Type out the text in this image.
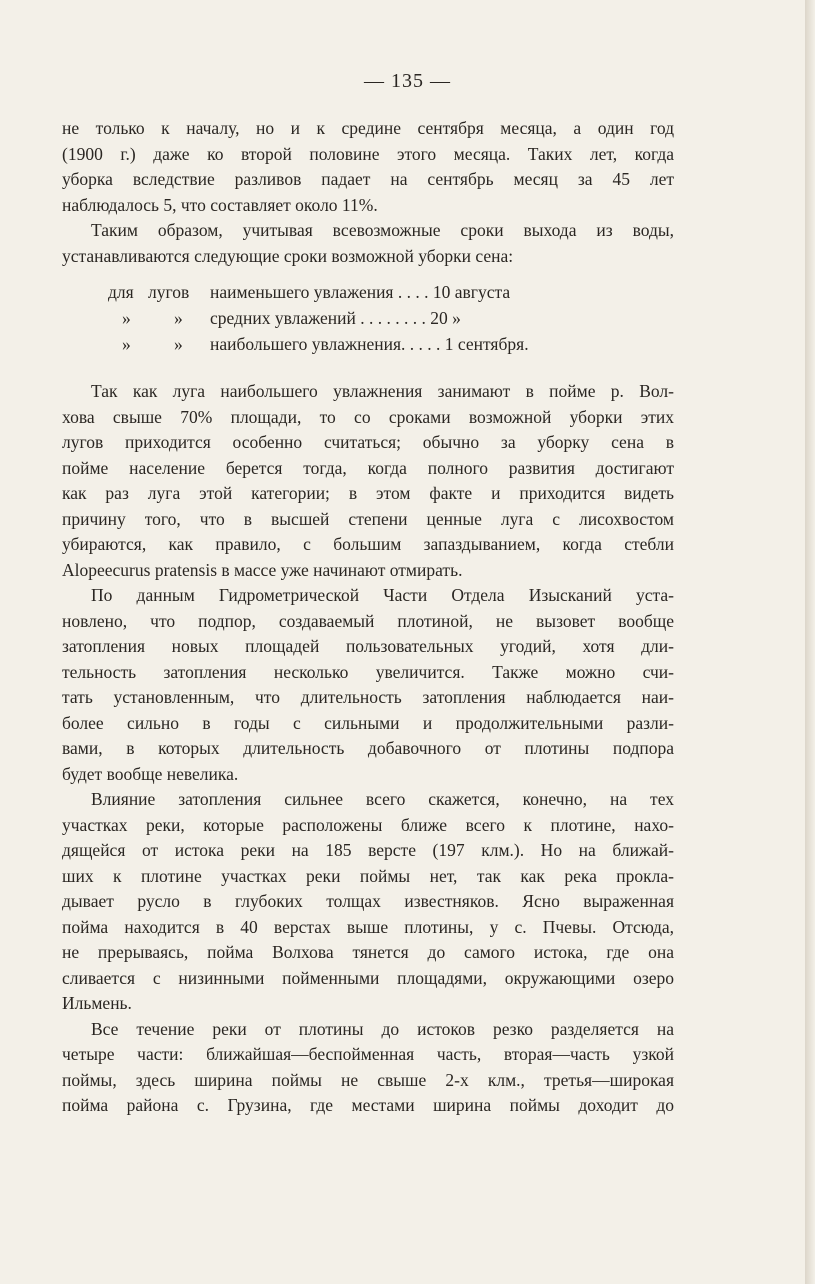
— 135 —
не только к началу, но и к средине сентября месяца, а один год
(1900 г.) даже ко второй половине этого месяца. Таких лет, когда
уборка вследствие разливов падает на сентябрь месяц за 45 лет
наблюдалось 5, что составляет около 11%.
Таким образом, учитывая всевозможные сроки выхода из воды,
устанавливаются следующие сроки возможной уборки сена:
для лугов наименьшего увлажения . . . . 10 августа
» » средних увлажений . . . . . . . . 20 »
» » наибольшего увлажнения. . . . . 1 сентября.
Так как луга наибольшего увлажнения занимают в пойме р. Вол-
хова свыше 70% площади, то со сроками возможной уборки этих
лугов приходится особенно считаться; обычно за уборку сена в
пойме население берется тогда, когда полного развития достигают
как раз луга этой категории; в этом факте и приходится видеть
причину того, что в высшей степени ценные луга с лисохвостом
убираются, как правило, с большим запаздыванием, когда стебли
Alopeecurus pratensis в массе уже начинают отмирать.
По данным Гидрометрической Части Отдела Изысканий уста-
новлено, что подпор, создаваемый плотиной, не вызовет вообще
затопления новых площадей пользовательных угодий, хотя дли-
тельность затопления несколько увеличится. Также можно счи-
тать установленным, что длительность затопления наблюдается наи-
более сильно в годы с сильными и продолжительными разли-
вами, в которых длительность добавочного от плотины подпора
будет вообще невелика.
Влияние затопления сильнее всего скажется, конечно, на тех
участках реки, которые расположены ближе всего к плотине, нахо-
дящейся от истока реки на 185 версте (197 клм.). Но на ближай-
ших к плотине участках реки поймы нет, так как река прокла-
дывает русло в глубоких толщах известняков. Ясно выраженная
пойма находится в 40 верстах выше плотины, у с. Пчевы. Отсюда,
не прерываясь, пойма Волхова тянется до самого истока, где она
сливается с низинными пойменными площадями, окружающими озеро
Ильмень.
Все течение реки от плотины до истоков резко разделяется на
четыре части: ближайшая—беспойменная часть, вторая—часть узкой
поймы, здесь ширина поймы не свыше 2-х клм., третья—широкая
пойма района с. Грузина, где местами ширина поймы доходит до
